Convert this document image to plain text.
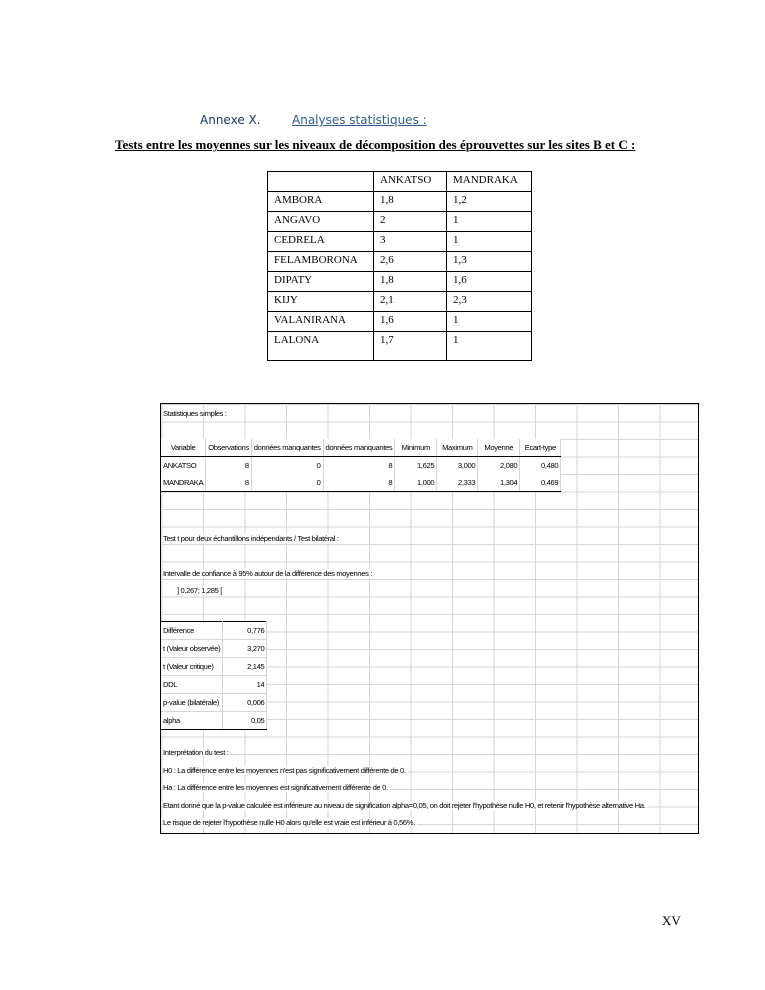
Annexe X.	Analyses statistiques :
Tests entre les moyennes sur les niveaux de décomposition des éprouvettes sur les sites B et C :
	ANKATSO	MANDRAKA
AMBORA	1,8	1,2
ANGAVO	2	1
CEDRELA	3	1
FELAMBORONA	2,6	1,3
DIPATY	1,8	1,6
KIJY	2,1	2,3
VALANIRANA	1,6	1
LALONA	1,7	1
Statistiques simples :
Variable	Observations	données manquantes	données manquantes	Minimum	Maximum	Moyenne	Ecart-type
ANKATSO	8	0	8	1,625	3,000	2,080	0,480
MANDRAKA	8	0	8	1,000	2,333	1,304	0,469
Test t pour deux échantillons indépendants / Test bilatéral :
Intervalle de confiance à 95% autour de la différence des moyennes :
] 0,267; 1,285 [
Différence	0,776
t (Valeur observée)	3,270
t (Valeur critique)	2,145
DDL	14
p-value (bilatérale)	0,006
alpha	0,05
Interprétation du test :
H0 : La différence entre les moyennes n'est pas significativement différente de 0.
Ha : La différence entre les moyennes est significativement différente de 0.
Etant donné que la p-value calculée est inférieure au niveau de signification alpha=0,05, on doit rejeter l'hypothèse nulle H0, et retenir l'hypothèse alternative Ha.
Le risque de rejeter l'hypothèse nulle H0 alors qu'elle est vraie est inférieur à 0,56%.
XV
